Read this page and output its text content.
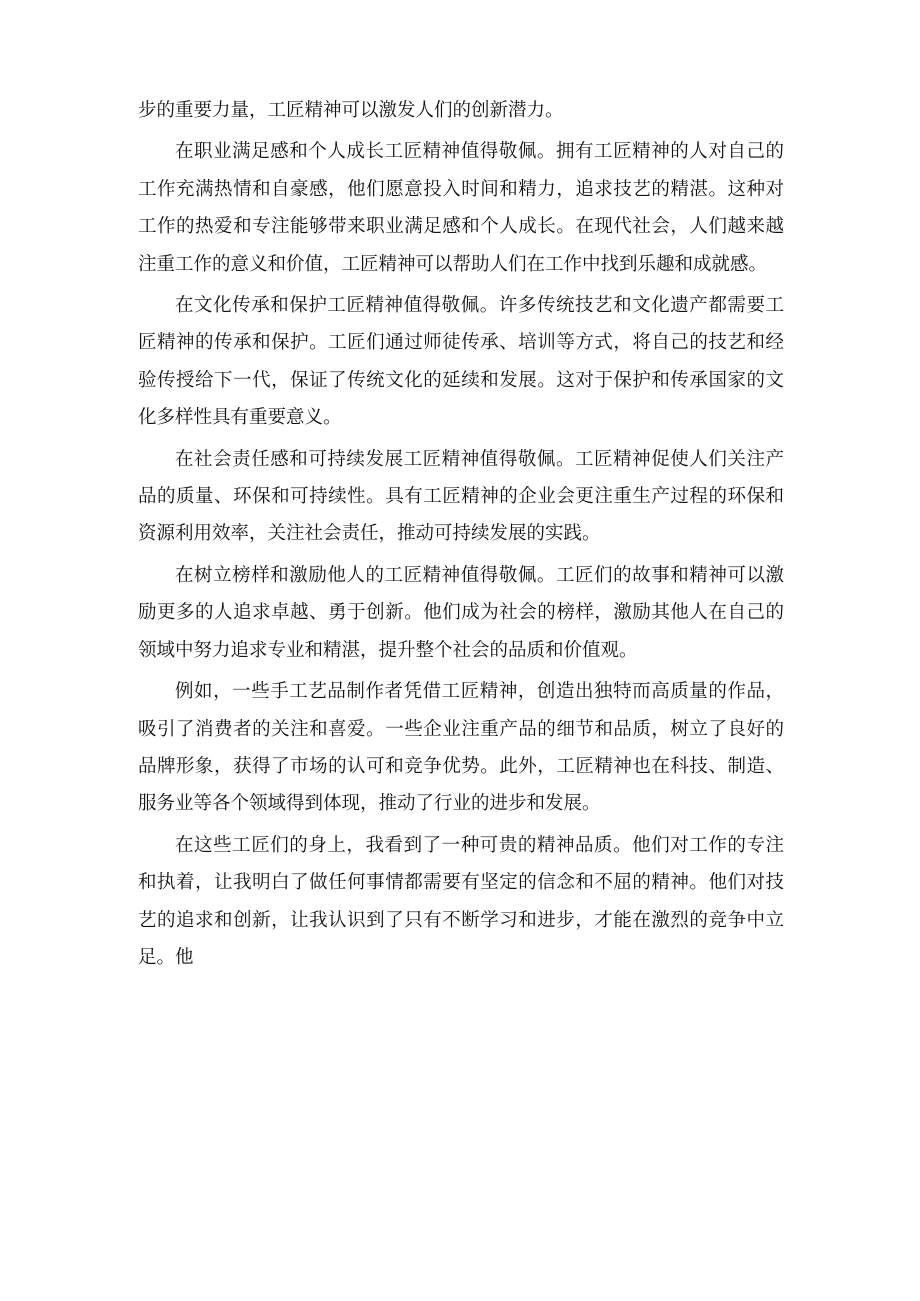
步的重要力量，工匠精神可以激发人们的创新潜力。

在职业满足感和个人成长工匠精神值得敬佩。拥有工匠精神的人对自己的工作充满热情和自豪感，他们愿意投入时间和精力，追求技艺的精湛。这种对工作的热爱和专注能够带来职业满足感和个人成长。在现代社会，人们越来越注重工作的意义和价值，工匠精神可以帮助人们在工作中找到乐趣和成就感。

在文化传承和保护工匠精神值得敬佩。许多传统技艺和文化遗产都需要工匠精神的传承和保护。工匠们通过师徒传承、培训等方式，将自己的技艺和经验传授给下一代，保证了传统文化的延续和发展。这对于保护和传承国家的文化多样性具有重要意义。

在社会责任感和可持续发展工匠精神值得敬佩。工匠精神促使人们关注产品的质量、环保和可持续性。具有工匠精神的企业会更注重生产过程的环保和资源利用效率，关注社会责任，推动可持续发展的实践。

在树立榜样和激励他人的工匠精神值得敬佩。工匠们的故事和精神可以激励更多的人追求卓越、勇于创新。他们成为社会的榜样，激励其他人在自己的领域中努力追求专业和精湛，提升整个社会的品质和价值观。

例如，一些手工艺品制作者凭借工匠精神，创造出独特而高质量的作品，吸引了消费者的关注和喜爱。一些企业注重产品的细节和品质，树立了良好的品牌形象，获得了市场的认可和竞争优势。此外，工匠精神也在科技、制造、服务业等各个领域得到体现，推动了行业的进步和发展。

在这些工匠们的身上，我看到了一种可贵的精神品质。他们对工作的专注和执着，让我明白了做任何事情都需要有坚定的信念和不屈的精神。他们对技艺的追求和创新，让我认识到了只有不断学习和进步，才能在激烈的竞争中立足。他
